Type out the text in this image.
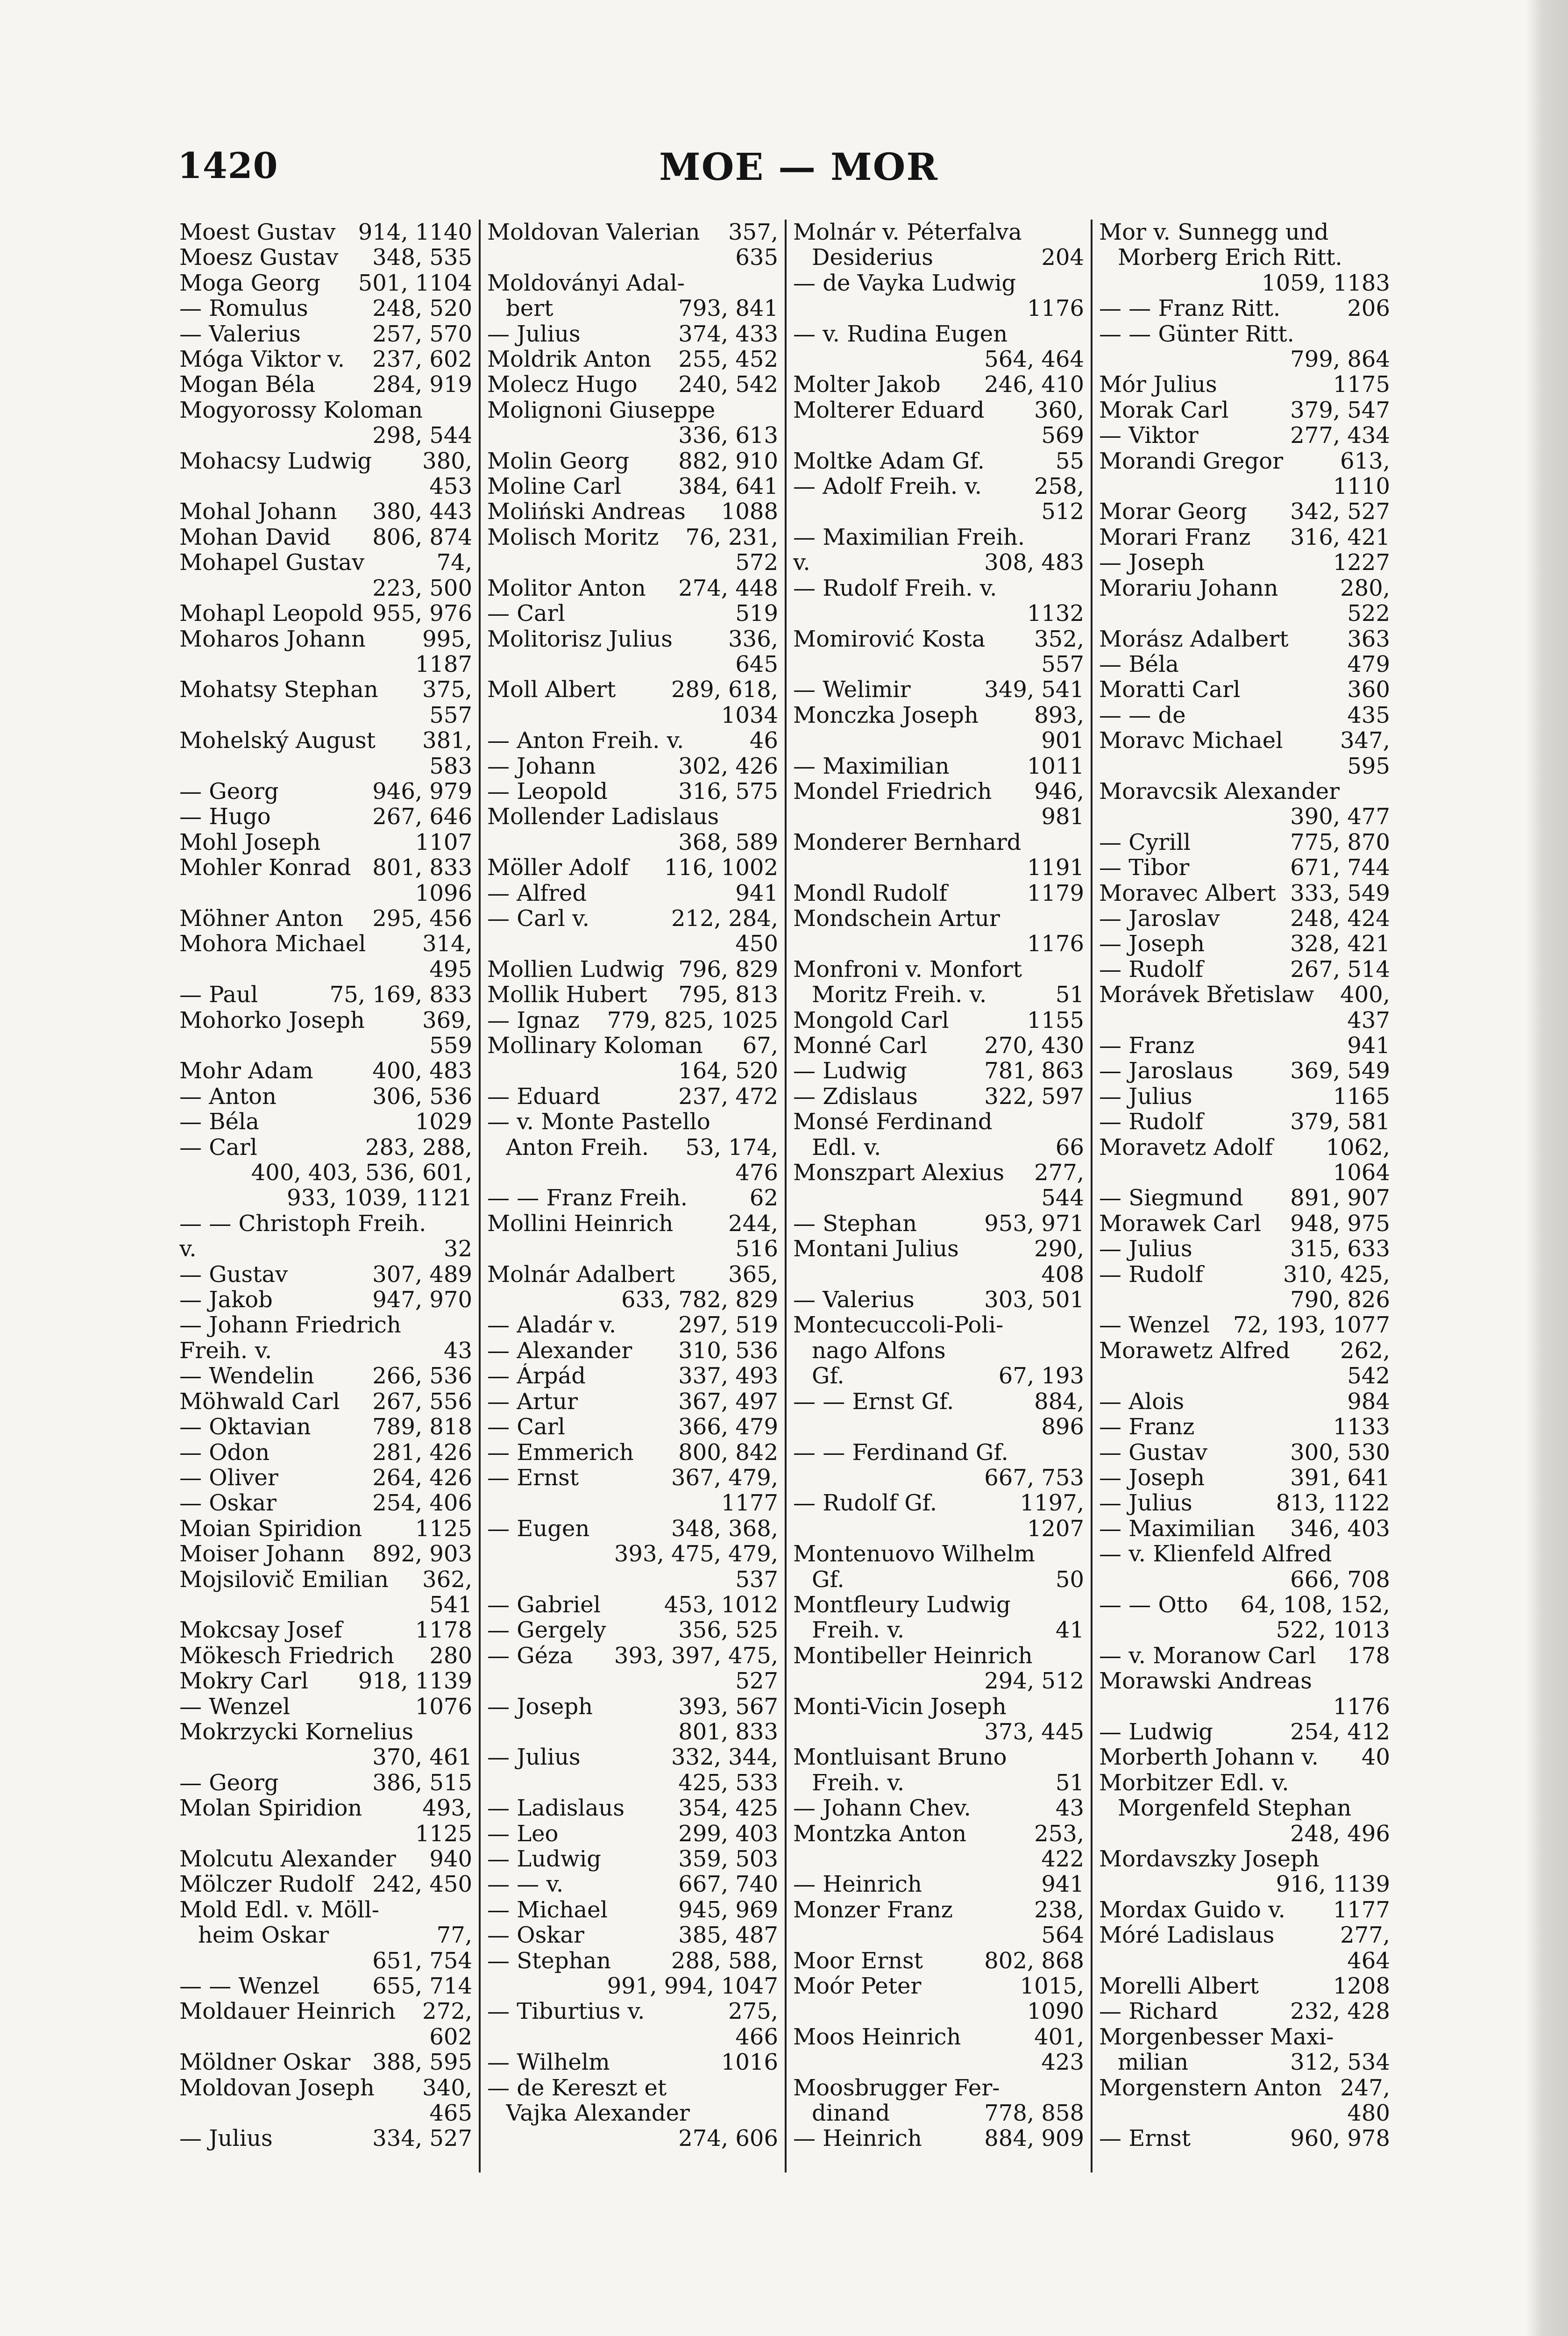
1420	MOE — MOR
Moest Gustav	914, 1140
Moesz Gustav	348, 535
Moga Georg	501, 1104
— Romulus	248, 520
— Valerius	257, 570
Móga Viktor v.	237, 602
Mogan Béla	284, 919
Mogyorossy Koloman
298, 544
Mohacsy Ludwig	380,
453
Mohal Johann	380, 443
Mohan David	806, 874
Mohapel Gustav	74,
223, 500
Mohapl Leopold 955, 976
Moharos Johann	995,
1187
Mohatsy Stephan	375,
557
Mohelský August	381,
583
— Georg	946, 979
— Hugo	267, 646
Mohl Joseph	1107
Mohler Konrad 801, 833
1096
Möhner Anton	295, 456
Mohora Michael	314,
495
— Paul	75, 169, 833
Mohorko Joseph	369,
559
Mohr Adam	400, 483
— Anton	306, 536
— Béla	1029
— Carl	283, 288,
400, 403, 536, 601,
933, 1039, 1121
— — Christoph Freih.
v.	32
— Gustav	307, 489
— Jakob	947, 970
— Johann Friedrich
Freih. v.	43
— Wendelin	266, 536
Möhwald Carl	267, 556
— Oktavian	789, 818
— Odon	281, 426
— Oliver	264, 426
— Oskar	254, 406
Moian Spiridion	1125
Moiser Johann	892, 903
Mojsilovič Emilian	362,
541
Mokcsay Josef	1178
Mökesch Friedrich	280
Mokry Carl	918, 1139
— Wenzel	1076
Mokrzycki Kornelius
370, 461
— Georg	386, 515
Molan Spiridion	493,
1125
Molcutu Alexander	940
Mölczer Rudolf 242, 450
Mold Edl. v. Möll-
heim Oskar	77,
651, 754
— — Wenzel	655, 714
Moldauer Heinrich	272,
602
Möldner Oskar 388, 595
Moldovan Joseph	340,
465
— Julius	334, 527
Moldovan Valerian	357,
635
Moldoványi Adal-
bert	793, 841
— Julius	374, 433
Moldrik Anton	255, 452
Molecz Hugo	240, 542
Molignoni Giuseppe
336, 613
Molin Georg	882, 910
Moline Carl	384, 641
Moliński Andreas	1088
Molisch Moritz	76, 231,
572
Molitor Anton	274, 448
— Carl	519
Molitorisz Julius	336,
645
Moll Albert	289, 618,
1034
— Anton Freih. v.	46
— Johann	302, 426
— Leopold	316, 575
Mollender Ladislaus
368, 589
Möller Adolf	116, 1002
— Alfred	941
— Carl v.	212, 284,
450
Mollien Ludwig 796, 829
Mollik Hubert	795, 813
— Ignaz	779, 825, 1025
Mollinary Koloman	67,
164, 520
— Eduard	237, 472
— v. Monte Pastello
Anton Freih.	53, 174,
476
— — Franz Freih.	62
Mollini Heinrich	244,
516
Molnár Adalbert	365,
633, 782, 829
— Aladár v.	297, 519
— Alexander	310, 536
— Árpád	337, 493
— Artur	367, 497
— Carl	366, 479
— Emmerich	800, 842
— Ernst	367, 479,
1177
— Eugen	348, 368,
393, 475, 479,
537
— Gabriel	453, 1012
— Gergely	356, 525
— Géza	393, 397, 475,
527
— Joseph	393, 567
801, 833
— Julius	332, 344,
425, 533
— Ladislaus	354, 425
— Leo	299, 403
— Ludwig	359, 503
— — v.	667, 740
— Michael	945, 969
— Oskar	385, 487
— Stephan	288, 588,
991, 994, 1047
— Tiburtius v.	275,
466
— Wilhelm	1016
— de Kereszt et
Vajka Alexander
274, 606
Molnár v. Péterfalva
Desiderius	204
— de Vayka Ludwig
1176
— v. Rudina Eugen
564, 464
Molter Jakob	246, 410
Molterer Eduard	360,
569
Moltke Adam Gf.	55
— Adolf Freih. v.	258,
512
— Maximilian Freih.
v.	308, 483
— Rudolf Freih. v.
1132
Momirović Kosta	352,
557
— Welimir	349, 541
Monczka Joseph	893,
901
— Maximilian	1011
Mondel Friedrich	946,
981
Monderer Bernhard
1191
Mondl Rudolf	1179
Mondschein Artur
1176
Monfroni v. Monfort
Moritz Freih. v.	51
Mongold Carl	1155
Monné Carl	270, 430
— Ludwig	781, 863
— Zdislaus	322, 597
Monsé Ferdinand
Edl. v.	66
Monszpart Alexius	277,
544
— Stephan	953, 971
Montani Julius	290,
408
— Valerius	303, 501
Montecuccoli-Poli-
nago Alfons
Gf.	67, 193
— — Ernst Gf.	884,
896
— — Ferdinand Gf.
667, 753
— Rudolf Gf.	1197,
1207
Montenuovo Wilhelm
Gf.	50
Montfleury Ludwig
Freih. v.	41
Montibeller Heinrich
294, 512
Monti-Vicin Joseph
373, 445
Montluisant Bruno
Freih. v.	51
— Johann Chev.	43
Montzka Anton	253,
422
— Heinrich	941
Monzer Franz	238,
564
Moor Ernst	802, 868
Moór Peter	1015,
1090
Moos Heinrich	401,
423
Moosbrugger Fer-
dinand	778, 858
— Heinrich	884, 909
Mor v. Sunnegg und
Morberg Erich Ritt.
1059, 1183
— — Franz Ritt.	206
— — Günter Ritt.
799, 864
Mór Julius	1175
Morak Carl	379, 547
— Viktor	277, 434
Morandi Gregor	613,
1110
Morar Georg	342, 527
Morari Franz	316, 421
— Joseph	1227
Morariu Johann	280,
522
Morász Adalbert	363
— Béla	479
Moratti Carl	360
— — de	435
Moravc Michael	347,
595
Moravcsik Alexander
390, 477
— Cyrill	775, 870
— Tibor	671, 744
Moravec Albert 333, 549
— Jaroslav	248, 424
— Joseph	328, 421
— Rudolf	267, 514
Morávek Břetislaw	400,
437
— Franz	941
— Jaroslaus	369, 549
— Julius	1165
— Rudolf	379, 581
Moravetz Adolf	1062,
1064
— Siegmund	891, 907
Morawek Carl	948, 975
— Julius	315, 633
— Rudolf	310, 425,
790, 826
— Wenzel	72, 193, 1077
Morawetz Alfred	262,
542
— Alois	984
— Franz	1133
— Gustav	300, 530
— Joseph	391, 641
— Julius	813, 1122
— Maximilian	346, 403
— v. Klienfeld Alfred
666, 708
— — Otto	64, 108, 152,
522, 1013
— v. Moranow Carl	178
Morawski Andreas
1176
— Ludwig	254, 412
Morberth Johann v.	40
Morbitzer Edl. v.
Morgenfeld Stephan
248, 496
Mordavszky Joseph
916, 1139
Mordax Guido v.	1177
Móré Ladislaus	277,
464
Morelli Albert	1208
— Richard	232, 428
Morgenbesser Maxi-
milian	312, 534
Morgenstern Anton 247,
480
— Ernst	960, 978
